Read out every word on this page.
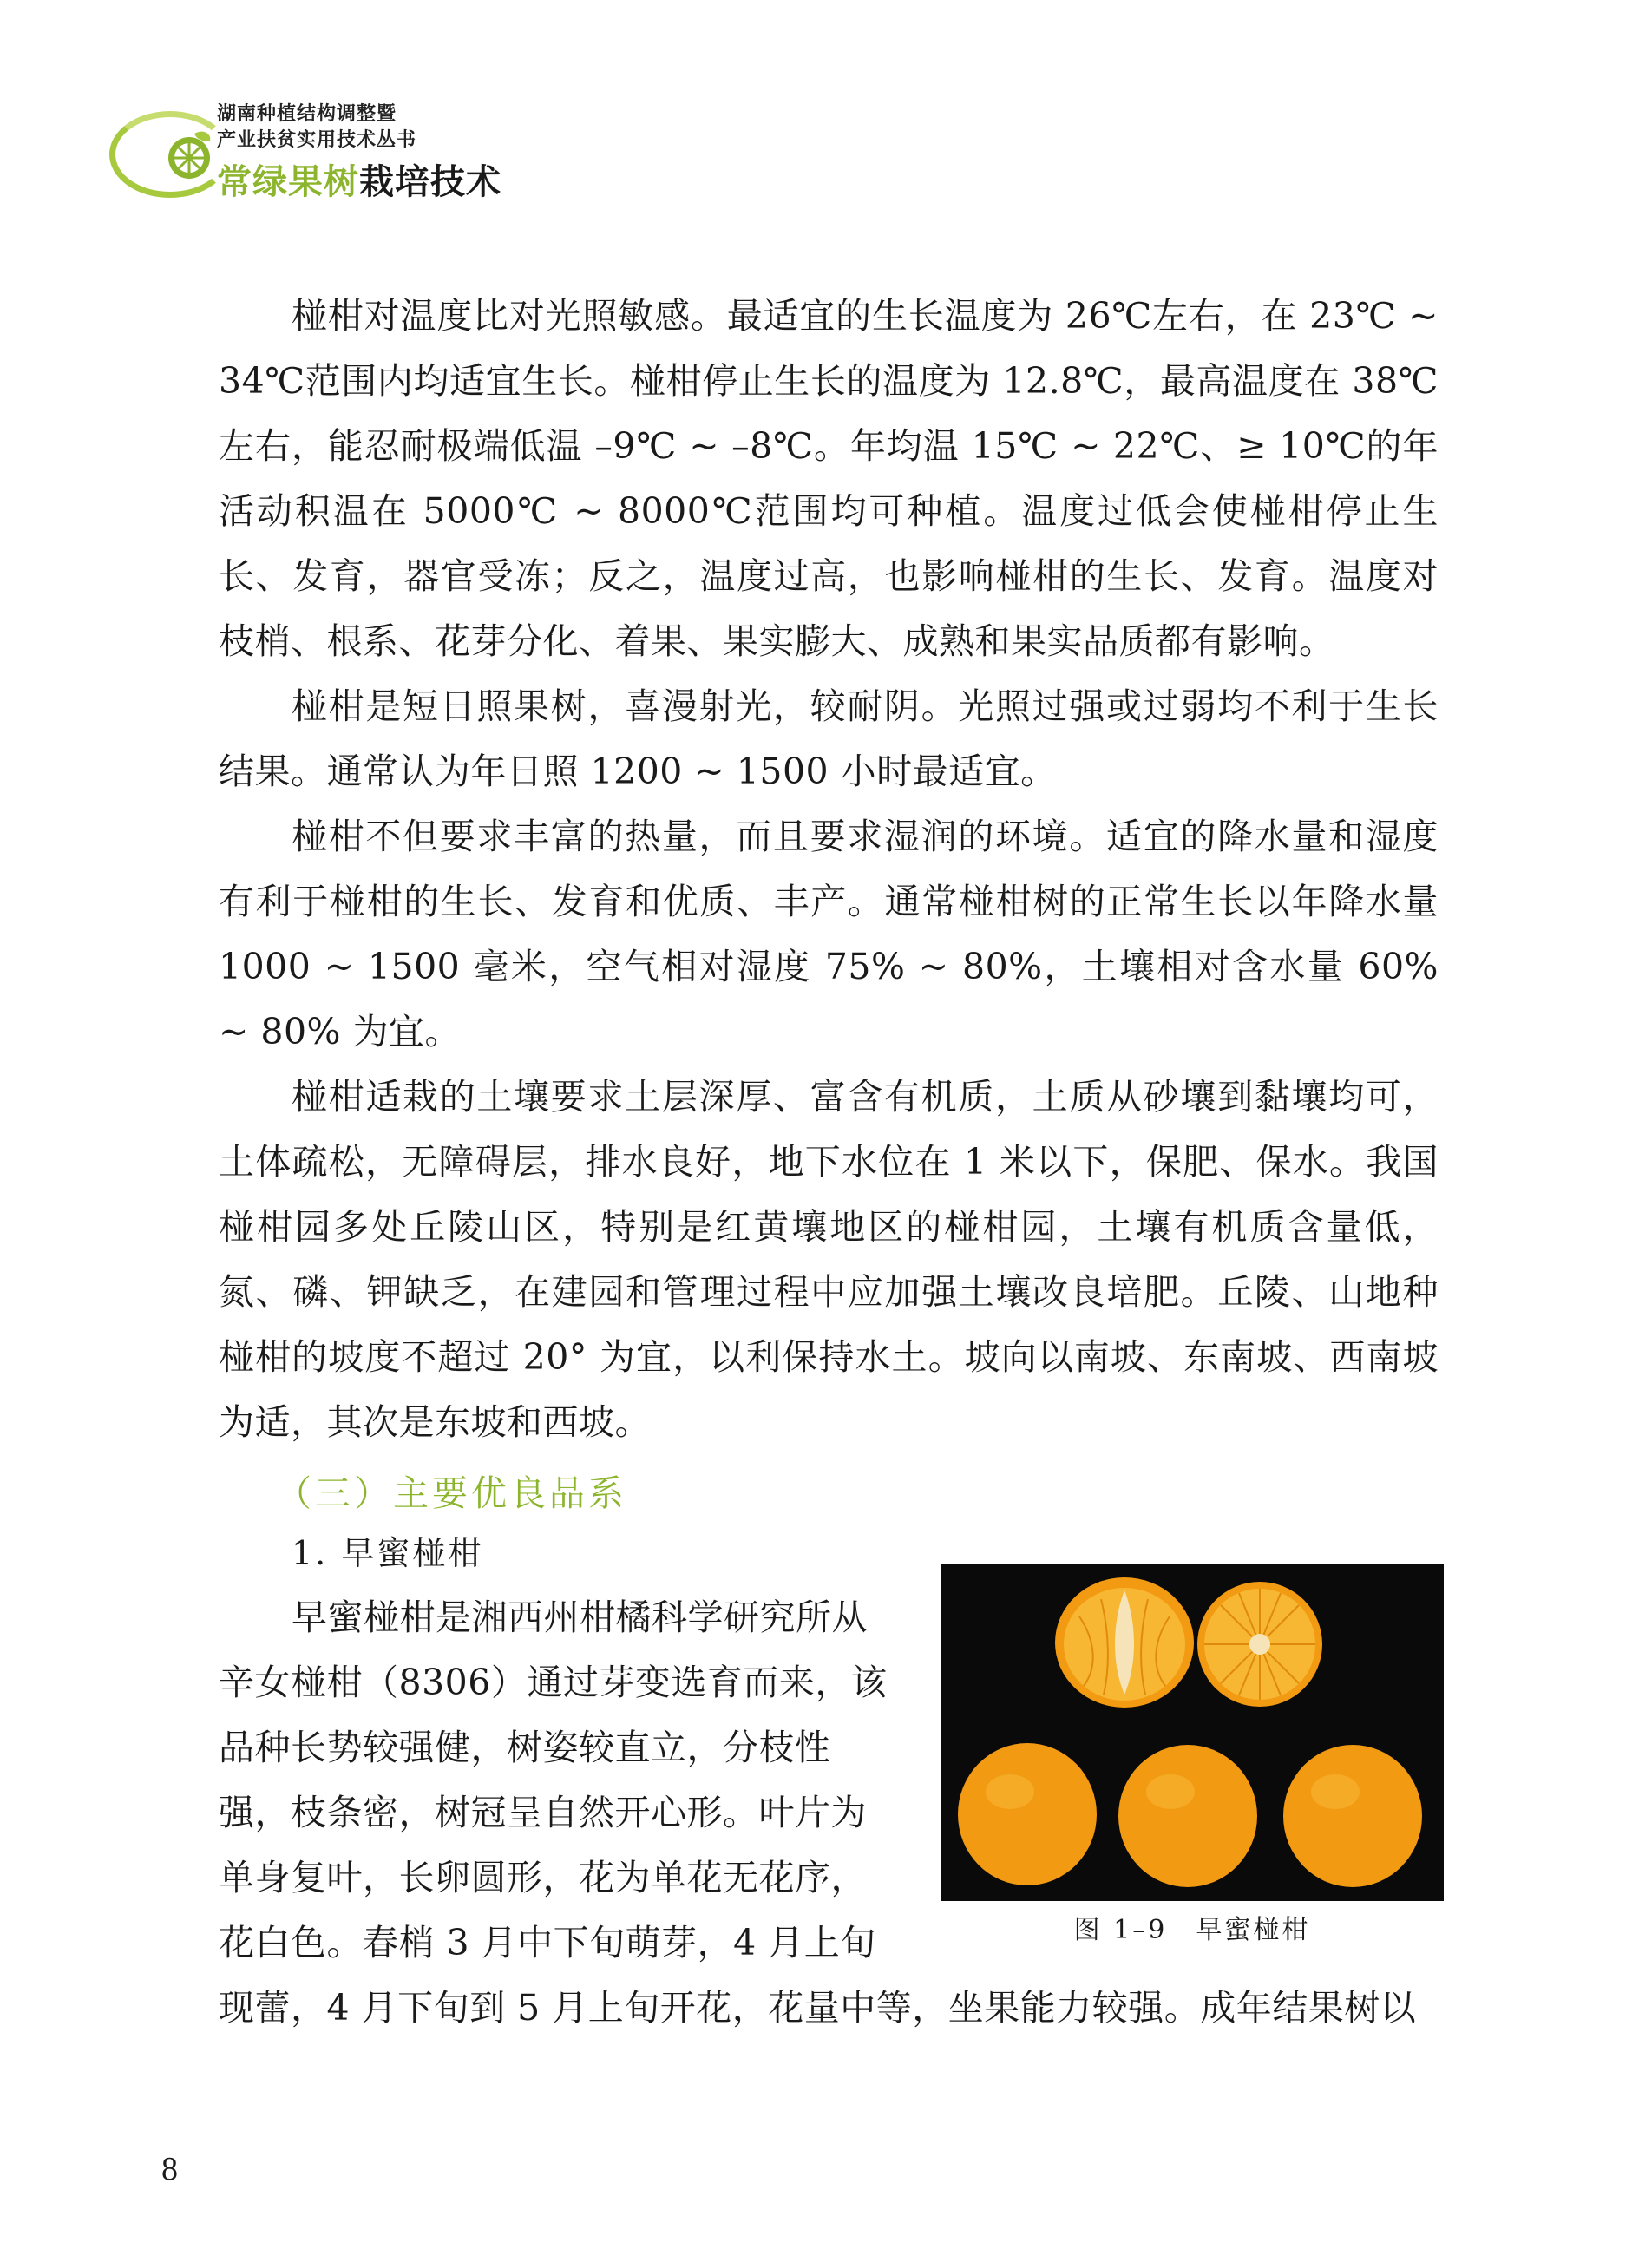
湖南种植结构调整暨
产业扶贫实用技术丛书
常绿果树栽培技术

椪柑对温度比对光照敏感。最适宜的生长温度为 26℃左右，在 23℃ ~ 34℃范围内均适宜生长。椪柑停止生长的温度为 12.8℃，最高温度在 38℃左右，能忍耐极端低温 –9℃ ~ –8℃。年均温 15℃ ~ 22℃、≥ 10℃的年活动积温在 5000℃ ~ 8000℃范围均可种植。温度过低会使椪柑停止生长、发育，器官受冻；反之，温度过高，也影响椪柑的生长、发育。温度对枝梢、根系、花芽分化、着果、果实膨大、成熟和果实品质都有影响。

椪柑是短日照果树，喜漫射光，较耐阴。光照过强或过弱均不利于生长结果。通常认为年日照 1200 ~ 1500 小时最适宜。

椪柑不但要求丰富的热量，而且要求湿润的环境。适宜的降水量和湿度有利于椪柑的生长、发育和优质、丰产。通常椪柑树的正常生长以年降水量 1000 ~ 1500 毫米，空气相对湿度 75% ~ 80%，土壤相对含水量 60% ~ 80% 为宜。

椪柑适栽的土壤要求土层深厚、富含有机质，土质从砂壤到黏壤均可，土体疏松，无障碍层，排水良好，地下水位在 1 米以下，保肥、保水。我国椪柑园多处丘陵山区，特别是红黄壤地区的椪柑园，土壤有机质含量低，氮、磷、钾缺乏，在建园和管理过程中应加强土壤改良培肥。丘陵、山地种椪柑的坡度不超过 20° 为宜，以利保持水土。坡向以南坡、东南坡、西南坡为适，其次是东坡和西坡。

（三）主要优良品系
1. 早蜜椪柑
早蜜椪柑是湘西州柑橘科学研究所从
辛女椪柑（8306）通过芽变选育而来，该
品种长势较强健，树姿较直立，分枝性
强，枝条密，树冠呈自然开心形。叶片为
单身复叶，长卵圆形，花为单花无花序，
花白色。春梢 3 月中下旬萌芽，4 月上旬
现蕾，4 月下旬到 5 月上旬开花，花量中等，坐果能力较强。成年结果树以
图 1–9　早蜜椪柑
8
